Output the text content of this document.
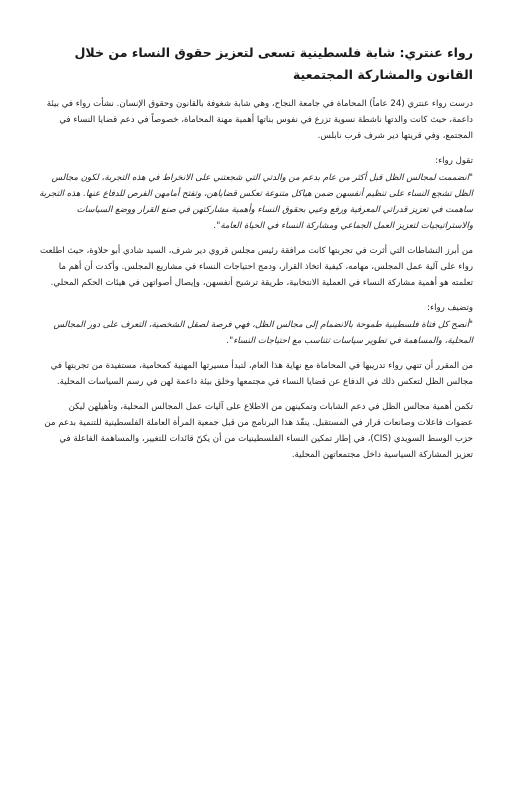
رواء عنتري: شابة فلسطينية تسعى لتعزيز حقوق النساء من خلال القانون والمشاركة المجتمعية

درست رواء عنتري (24 عاماً) المحاماة في جامعة النجاح، وهي شابة شغوفة بالقانون وحقوق الإنسان. نشأت رواء في بيئة داعمة، حيث كانت والدتها ناشطة نسوية تزرع في نفوس بناتها أهمية مهنة المحاماة، خصوصاً في دعم قضايا النساء في المجتمع، وفي قريتها دير شرف قرب نابلس.

تقول رواء:

"انضممت لمجالس الظل قبل أكثر من عام بدعم من والدتي التي شجعتني على الانخراط في هذه التجربة، لكون مجالس الظل تشجع النساء على تنظيم أنفسهن ضمن هياكل متنوعة تعكس قضاياهن، وتفتح أمامهن الفرص للدفاع عنها. هذه التجربة ساهمت في تعزيز قدراتي المعرفية ورفع وعيي بحقوق النساء وأهمية مشاركتهن في صنع القرار ووضع السياسات والاستراتيجيات لتعزيز العمل الجماعي ومشاركة النساء في الحياة العامة".

من أبرز النشاطات التي أثرت في تجربتها كانت مرافقة رئيس مجلس قروي دير شرف، السيد شادي أبو حلاوة، حيث اطلعت رواء على آلية عمل المجلس، مهامه، كيفية اتخاذ القرار، ودمج احتياجات النساء في مشاريع المجلس. وأكدت أن أهم ما تعلمته هو أهمية مشاركة النساء في العملية الانتخابية، طريقة ترشيح أنفسهن، وإيصال أصواتهن في هيئات الحكم المحلي.

وتضيف رواء:

"أنصح كل فتاة فلسطينية طموحة بالانضمام إلى مجالس الظل، فهي فرصة لصقل الشخصية، التعرف على دور المجالس المحلية، والمساهمة في تطوير سياسات تتناسب مع احتياجات النساء".

من المقرر أن تنهي رواء تدريبها في المحاماة مع نهاية هذا العام، لتبدأ مسيرتها المهنية كمحامية، مستفيدة من تجربتها في مجالس الظل لتعكس ذلك في الدفاع عن قضايا النساء في مجتمعها وخلق بيئة داعمة لهن في رسم السياسات المحلية.

تكمن أهمية مجالس الظل في دعم الشابات وتمكينهن من الاطلاع على آليات عمل المجالس المحلية، وتأهيلهن ليكن عضوات فاعلات وصانعات قرار في المستقبل. ينفّذ هذا البرنامج من قبل جمعية المرأة العاملة الفلسطينية للتنمية بدعم من حزب الوسط السويدي (CIS)، في إطار تمكين النساء الفلسطينيات من أن يكنّ قائدات للتغيير، والمساهمة الفاعلة في تعزيز المشاركة السياسية داخل مجتمعاتهن المحلية.
